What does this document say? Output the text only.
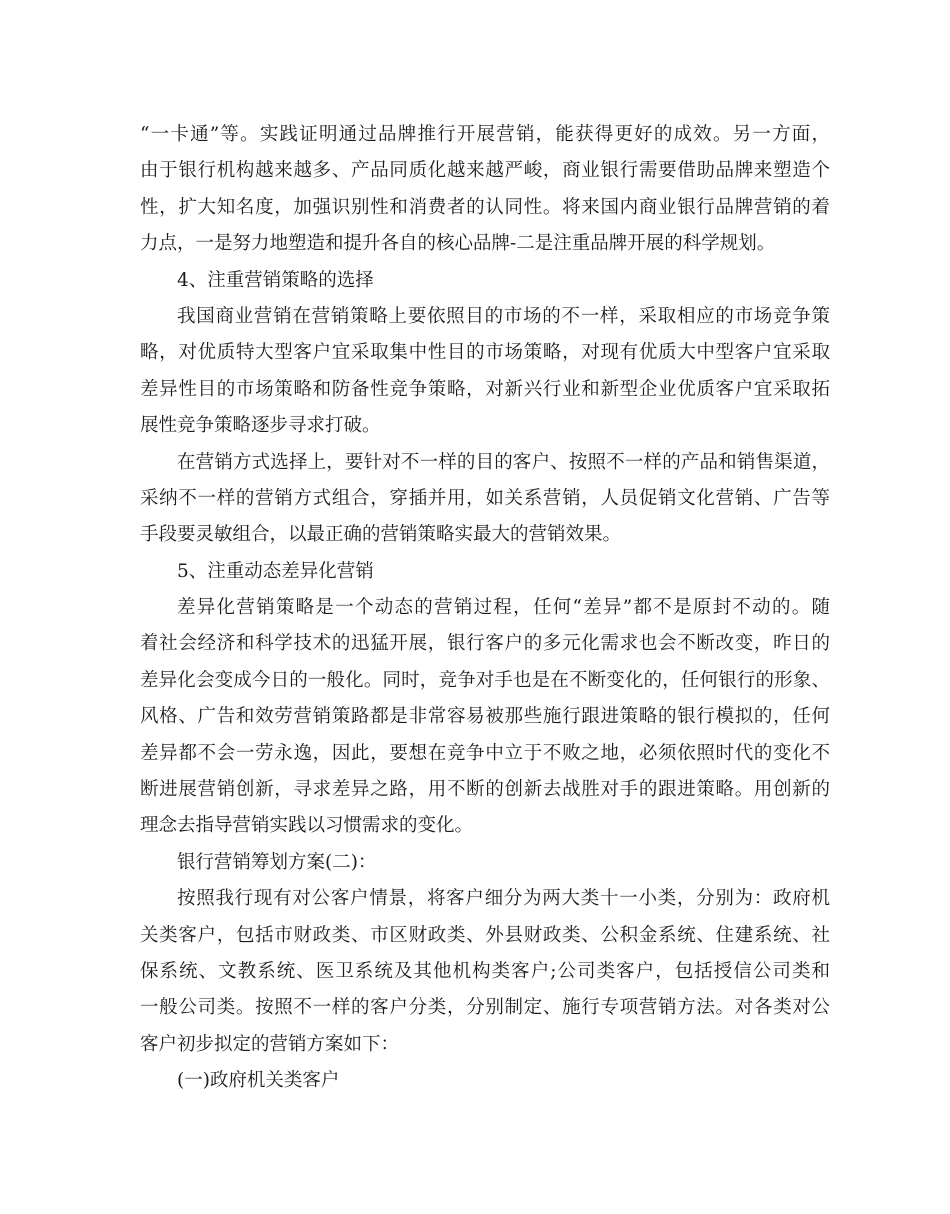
“一卡通”等。实践证明通过品牌推行开展营销，能获得更好的成效。另一方面，
由于银行机构越来越多、产品同质化越来越严峻，商业银行需要借助品牌来塑造个
性，扩大知名度，加强识别性和消费者的认同性。将来国内商业银行品牌营销的着
力点，一是努力地塑造和提升各自的核心品牌-二是注重品牌开展的科学规划。
4、注重营销策略的选择
我国商业营销在营销策略上要依照目的市场的不一样，采取相应的市场竞争策
略，对优质特大型客户宜采取集中性目的市场策略，对现有优质大中型客户宜采取
差异性目的市场策略和防备性竞争策略，对新兴行业和新型企业优质客户宜采取拓
展性竞争策略逐步寻求打破。
在营销方式选择上，要针对不一样的目的客户、按照不一样的产品和销售渠道，
采纳不一样的营销方式组合，穿插并用，如关系营销，人员促销文化营销、广告等
手段要灵敏组合，以最正确的营销策略实最大的营销效果。
5、注重动态差异化营销
差异化营销策略是一个动态的营销过程，任何“差异”都不是原封不动的。随
着社会经济和科学技术的迅猛开展，银行客户的多元化需求也会不断改变，昨日的
差异化会变成今日的一般化。同时，竞争对手也是在不断变化的，任何银行的形象、
风格、广告和效劳营销策路都是非常容易被那些施行跟进策略的银行模拟的，任何
差异都不会一劳永逸，因此，要想在竞争中立于不败之地，必须依照时代的变化不
断进展营销创新，寻求差异之路，用不断的创新去战胜对手的跟进策略。用创新的
理念去指导营销实践以习惯需求的变化。
银行营销筹划方案(二)：
按照我行现有对公客户情景，将客户细分为两大类十一小类，分别为：政府机
关类客户，包括市财政类、市区财政类、外县财政类、公积金系统、住建系统、社
保系统、文教系统、医卫系统及其他机构类客户;公司类客户，包括授信公司类和
一般公司类。按照不一样的客户分类，分别制定、施行专项营销方法。对各类对公
客户初步拟定的营销方案如下：
(一)政府机关类客户
